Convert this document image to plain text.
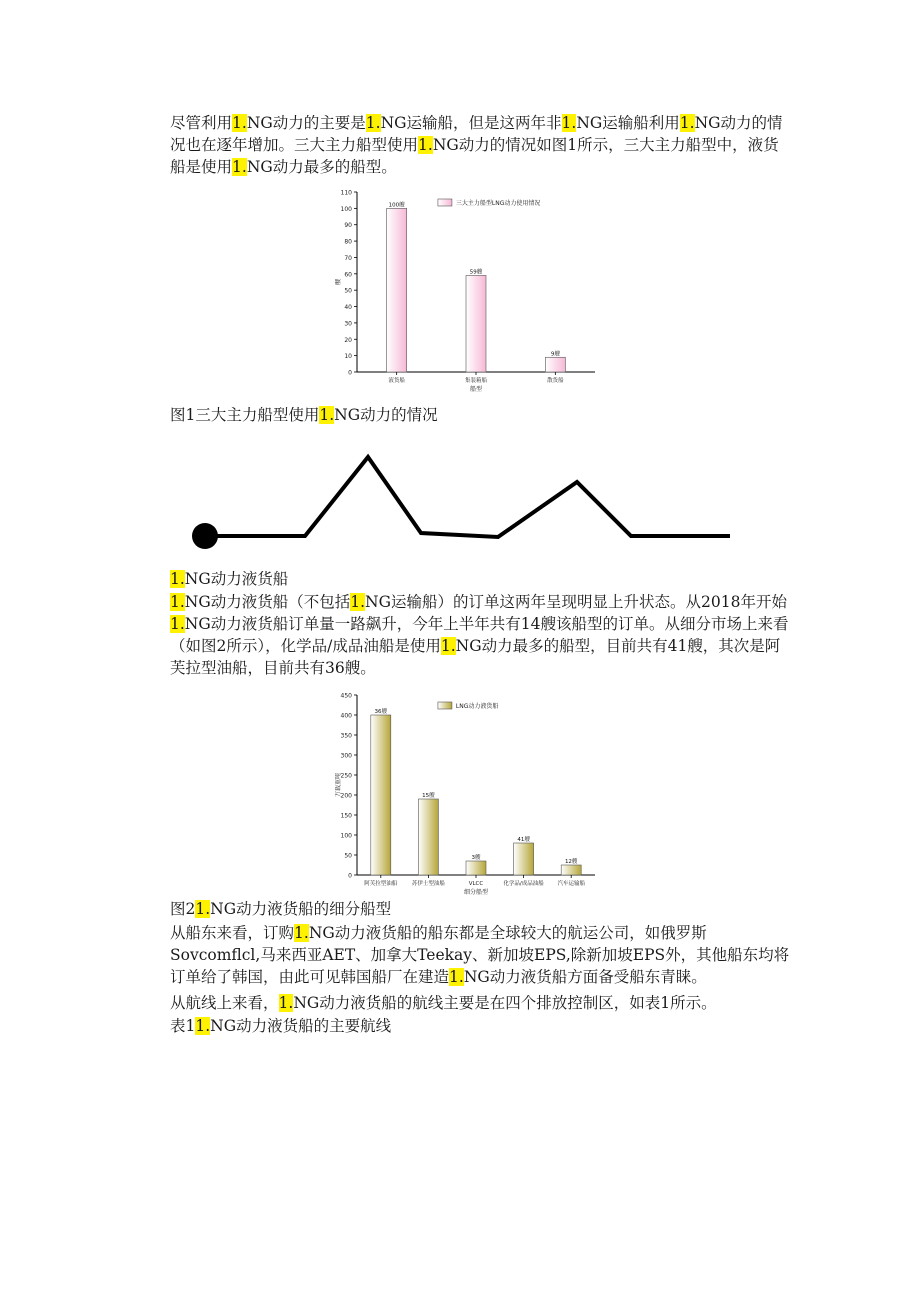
尽管利用1.NG动力的主要是1.NG运输船，但是这两年非1.NG运输船利用1.NG动力的情况也在逐年增加。三大主力船型使用1.NG动力的情况如图1所示，三大主力船型中，液货船是使用1.NG动力最多的船型。
0
10
20
30
40
50
60
70
80
90
100
110
艘
100艘
液货船
59艘
集装箱船
9艘
散货船
船型
三大主力船型LNG动力使用情况
图1三大主力船型使用1.NG动力的情况
1.NG动力液货船
1.NG动力液货船（不包括1.NG运输船）的订单这两年呈现明显上升状态。从2018年开始1.NG动力液货船订单量一路飙升，今年上半年共有14艘该船型的订单。从细分市场上来看（如图2所示），化学品/成品油船是使用1.NG动力最多的船型，目前共有41艘，其次是阿芙拉型油船，目前共有36艘。
0
50
100
150
200
250
300
350
400
450
万载重吨
36艘
阿芙拉型油船
15艘
苏伊士型油船
3艘
VLCC
41艘
化学品/成品油船
12艘
汽车运输船
细分船型
LNG动力液货船
图21.NG动力液货船的细分船型
从船东来看，订购1.NG动力液货船的船东都是全球较大的航运公司，如俄罗斯Sovcomflcl,马来西亚AET、加拿大Teekay、新加坡EPS,除新加坡EPS外，其他船东均将订单给了韩国，由此可见韩国船厂在建造1.NG动力液货船方面备受船东青睐。
从航线上来看，1.NG动力液货船的航线主要是在四个排放控制区，如表1所示。
表11.NG动力液货船的主要航线
